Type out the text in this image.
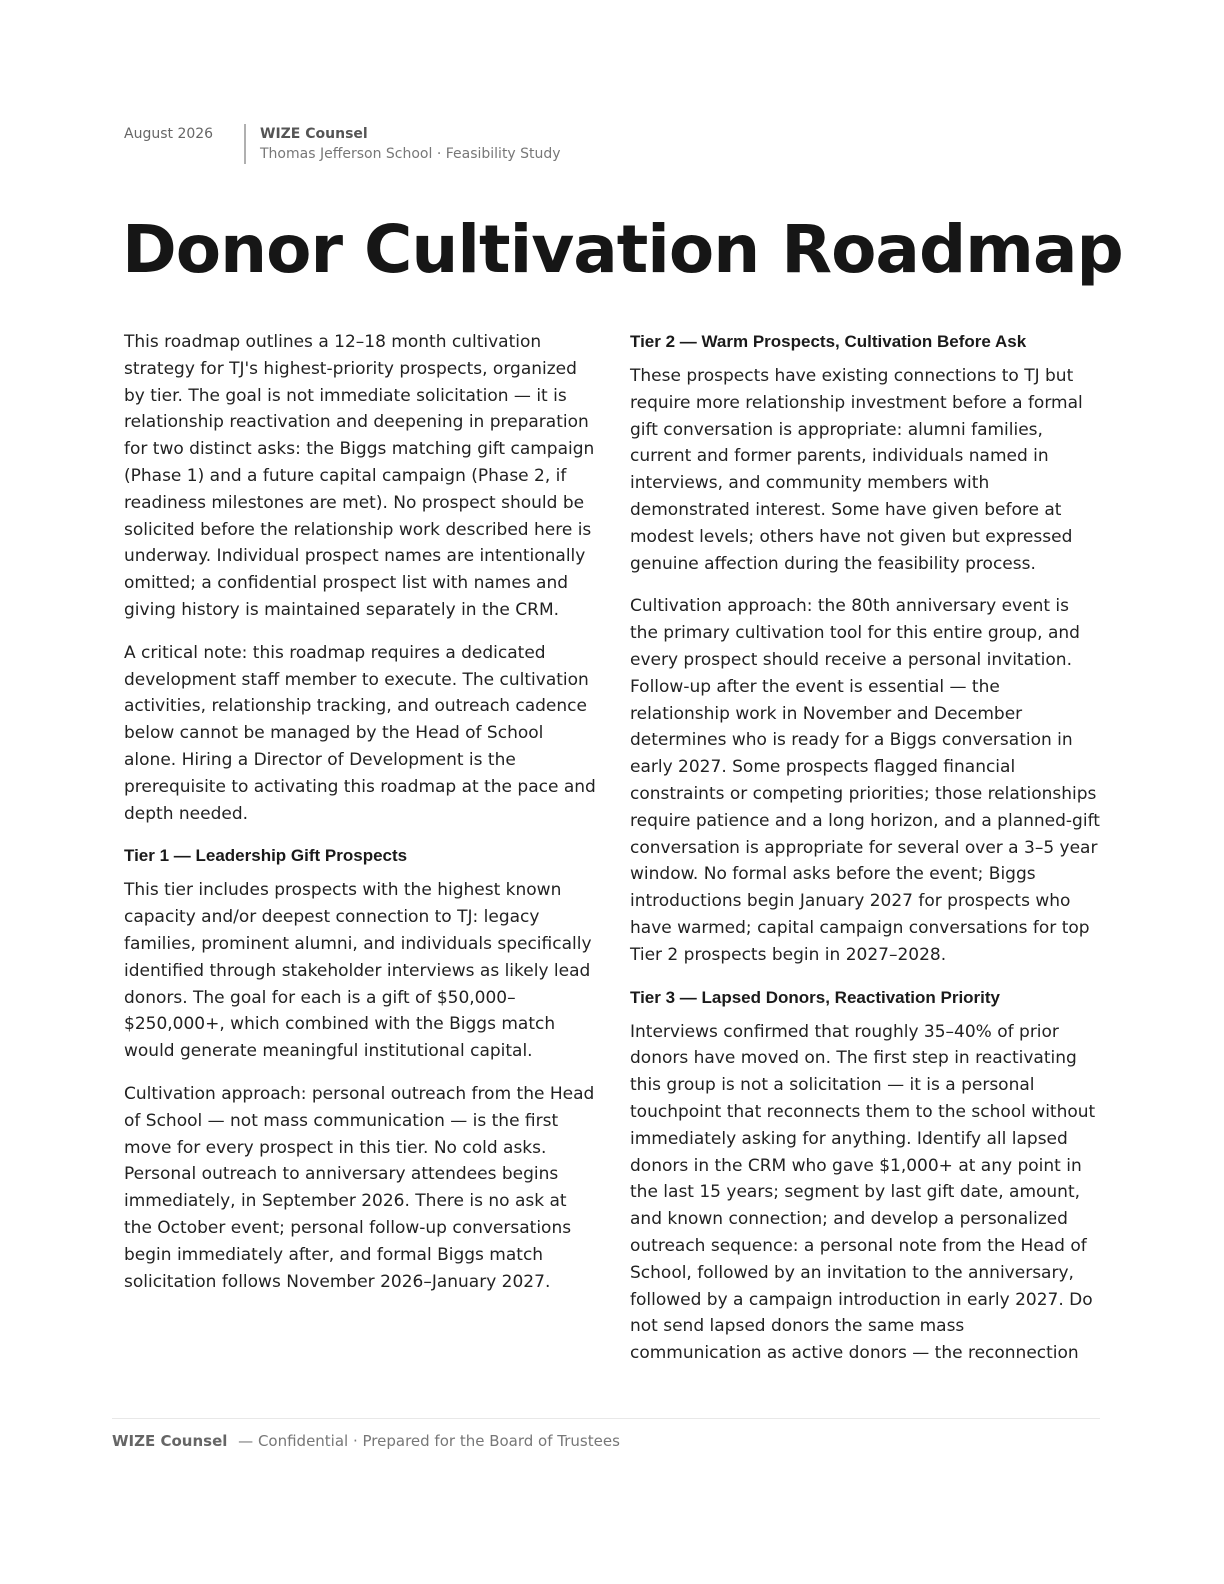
August 2026	WIZE Counsel
Thomas Jefferson School · Feasibility Study
Donor Cultivation Roadmap

This roadmap outlines a 12–18 month cultivation strategy for TJ's highest-priority prospects, organized by tier. The goal is not immediate solicitation — it is relationship reactivation and deepening in preparation for two distinct asks: the Biggs matching gift campaign (Phase 1) and a future capital campaign (Phase 2, if readiness milestones are met). No prospect should be solicited before the relationship work described here is underway. Individual prospect names are intentionally omitted; a confidential prospect list with names and giving history is maintained separately in the CRM.

A critical note: this roadmap requires a dedicated development staff member to execute. The cultivation activities, relationship tracking, and outreach cadence below cannot be managed by the Head of School alone. Hiring a Director of Development is the prerequisite to activating this roadmap at the pace and depth needed.

Tier 1 — Leadership Gift Prospects

This tier includes prospects with the highest known capacity and/or deepest connection to TJ: legacy families, prominent alumni, and individuals specifically identified through stakeholder interviews as likely lead donors. The goal for each is a gift of $50,000–$250,000+, which combined with the Biggs match would generate meaningful institutional capital.

Cultivation approach: personal outreach from the Head of School — not mass communication — is the first move for every prospect in this tier. No cold asks. Personal outreach to anniversary attendees begins immediately, in September 2026. There is no ask at the October event; personal follow-up conversations begin immediately after, and formal Biggs match solicitation follows November 2026–January 2027.

Tier 2 — Warm Prospects, Cultivation Before Ask

These prospects have existing connections to TJ but require more relationship investment before a formal gift conversation is appropriate: alumni families, current and former parents, individuals named in interviews, and community members with demonstrated interest. Some have given before at modest levels; others have not given but expressed genuine affection during the feasibility process.

Cultivation approach: the 80th anniversary event is the primary cultivation tool for this entire group, and every prospect should receive a personal invitation. Follow-up after the event is essential — the relationship work in November and December determines who is ready for a Biggs conversation in early 2027. Some prospects flagged financial constraints or competing priorities; those relationships require patience and a long horizon, and a planned-gift conversation is appropriate for several over a 3–5 year window. No formal asks before the event; Biggs introductions begin January 2027 for prospects who have warmed; capital campaign conversations for top Tier 2 prospects begin in 2027–2028.

Tier 3 — Lapsed Donors, Reactivation Priority

Interviews confirmed that roughly 35–40% of prior donors have moved on. The first step in reactivating this group is not a solicitation — it is a personal touchpoint that reconnects them to the school without immediately asking for anything. Identify all lapsed donors in the CRM who gave $1,000+ at any point in the last 15 years; segment by last gift date, amount, and known connection; and develop a personalized outreach sequence: a personal note from the Head of School, followed by an invitation to the anniversary, followed by a campaign introduction in early 2027. Do not send lapsed donors the same mass communication as active donors — the reconnection

WIZE Counsel — Confidential · Prepared for the Board of Trustees
